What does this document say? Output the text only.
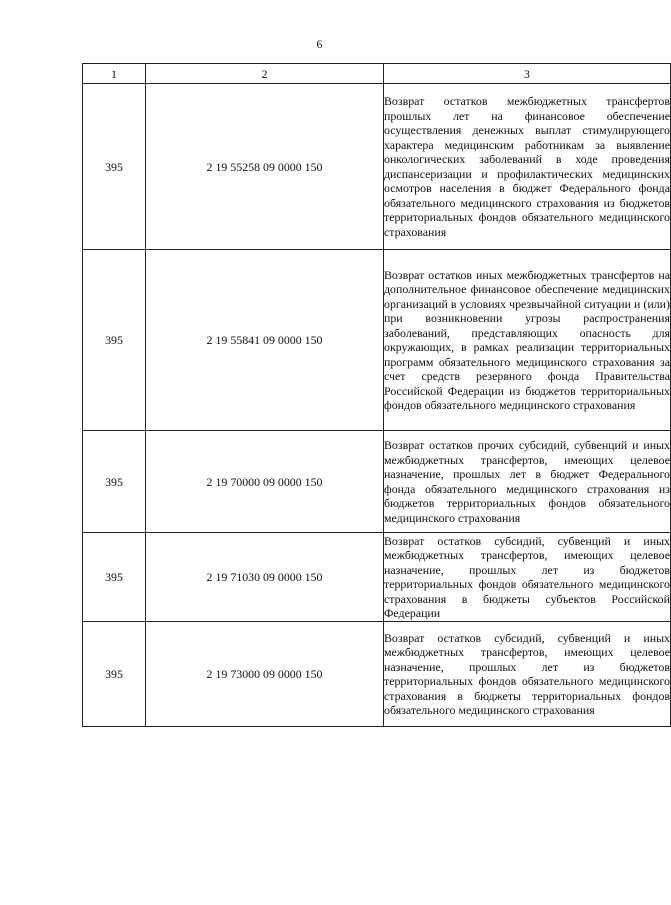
6
1	2	3
395	2 19 55258 09 0000 150	Возврат остатков межбюджетных трансфертов прошлых лет на финансовое обеспечение осуществления денежных выплат стимулирующего характера медицинским работникам за выявление онкологических заболеваний в ходе проведения диспансеризации и профилактических медицинских осмотров населения в бюджет Федерального фонда обязательного медицинского страхования из бюджетов территориальных фондов обязательного медицинского страхования
395	2 19 55841 09 0000 150	Возврат остатков иных межбюджетных трансфертов на дополнительное финансовое обеспечение медицинских организаций в условиях чрезвычайной ситуации и (или) при возникновении угрозы распространения заболеваний, представляющих опасность для окружающих, в рамках реализации территориальных программ обязательного медицинского страхования за счет средств резервного фонда Правительства Российской Федерации из бюджетов территориальных фондов обязательного медицинского страхования
395	2 19 70000 09 0000 150	Возврат остатков прочих субсидий, субвенций и иных межбюджетных трансфертов, имеющих целевое назначение, прошлых лет в бюджет Федерального фонда обязательного медицинского страхования из бюджетов территориальных фондов обязательного медицинского страхования
395	2 19 71030 09 0000 150	Возврат остатков субсидий, субвенций и иных межбюджетных трансфертов, имеющих целевое назначение, прошлых лет из бюджетов территориальных фондов обязательного медицинского страхования в бюджеты субъектов Российской Федерации
395	2 19 73000 09 0000 150	Возврат остатков субсидий, субвенций и иных межбюджетных трансфертов, имеющих целевое назначение, прошлых лет из бюджетов территориальных фондов обязательного медицинского страхования в бюджеты территориальных фондов обязательного медицинского страхования
